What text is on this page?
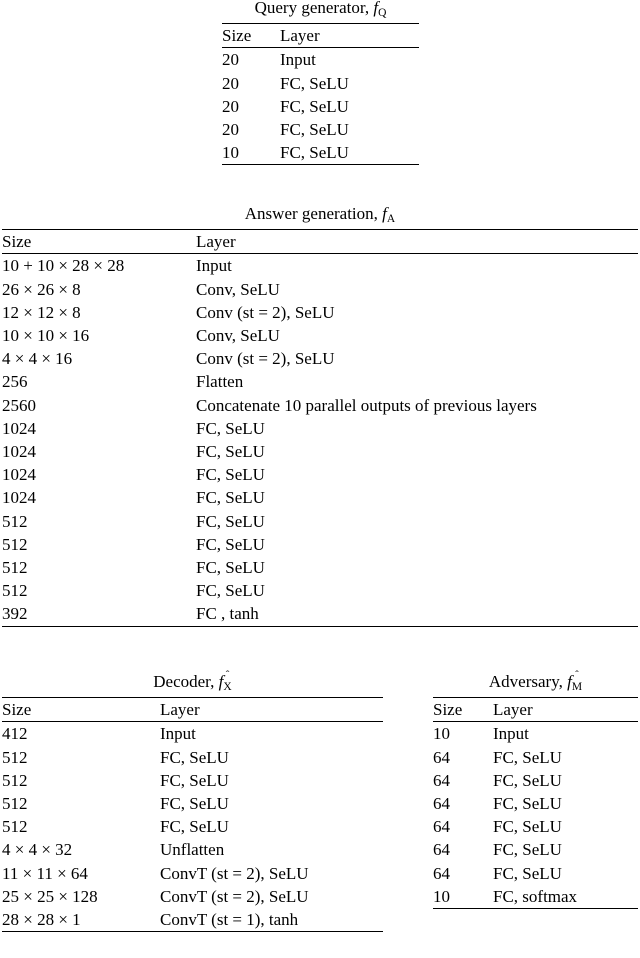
Query generator, $f_Q$
Size	Layer
20	Input
20	FC, SeLU
20	FC, SeLU
20	FC, SeLU
10	FC, SeLU
Answer generation, $f_A$
Size	Layer
10 + 10 × 28 × 28	Input
26 × 26 × 8	Conv, SeLU
12 × 12 × 8	Conv (st = 2), SeLU
10 × 10 × 16	Conv, SeLU
4 × 4 × 16	Conv (st = 2), SeLU
256	Flatten
2560	Concatenate 10 parallel outputs of previous layers
1024	FC, SeLU
1024	FC, SeLU
1024	FC, SeLU
1024	FC, SeLU
512	FC, SeLU
512	FC, SeLU
512	FC, SeLU
512	FC, SeLU
392	FC , tanh
Decoder, f $_{ˆ X}$
Size	Layer
412	Input
512	FC, SeLU
512	FC, SeLU
512	FC, SeLU
512	FC, SeLU
4 × 4 × 32	Unflatten
11 × 11 × 64	ConvT (st = 2), SeLU
25 × 25 × 128	ConvT (st = 2), SeLU
28 × 28 × 1	ConvT (st = 1), tanh
Adversary, f $_{ˆ M}$
Size	Layer
10	Input
64	FC, SeLU
64	FC, SeLU
64	FC, SeLU
64	FC, SeLU
64	FC, SeLU
64	FC, SeLU
10	FC, softmax
